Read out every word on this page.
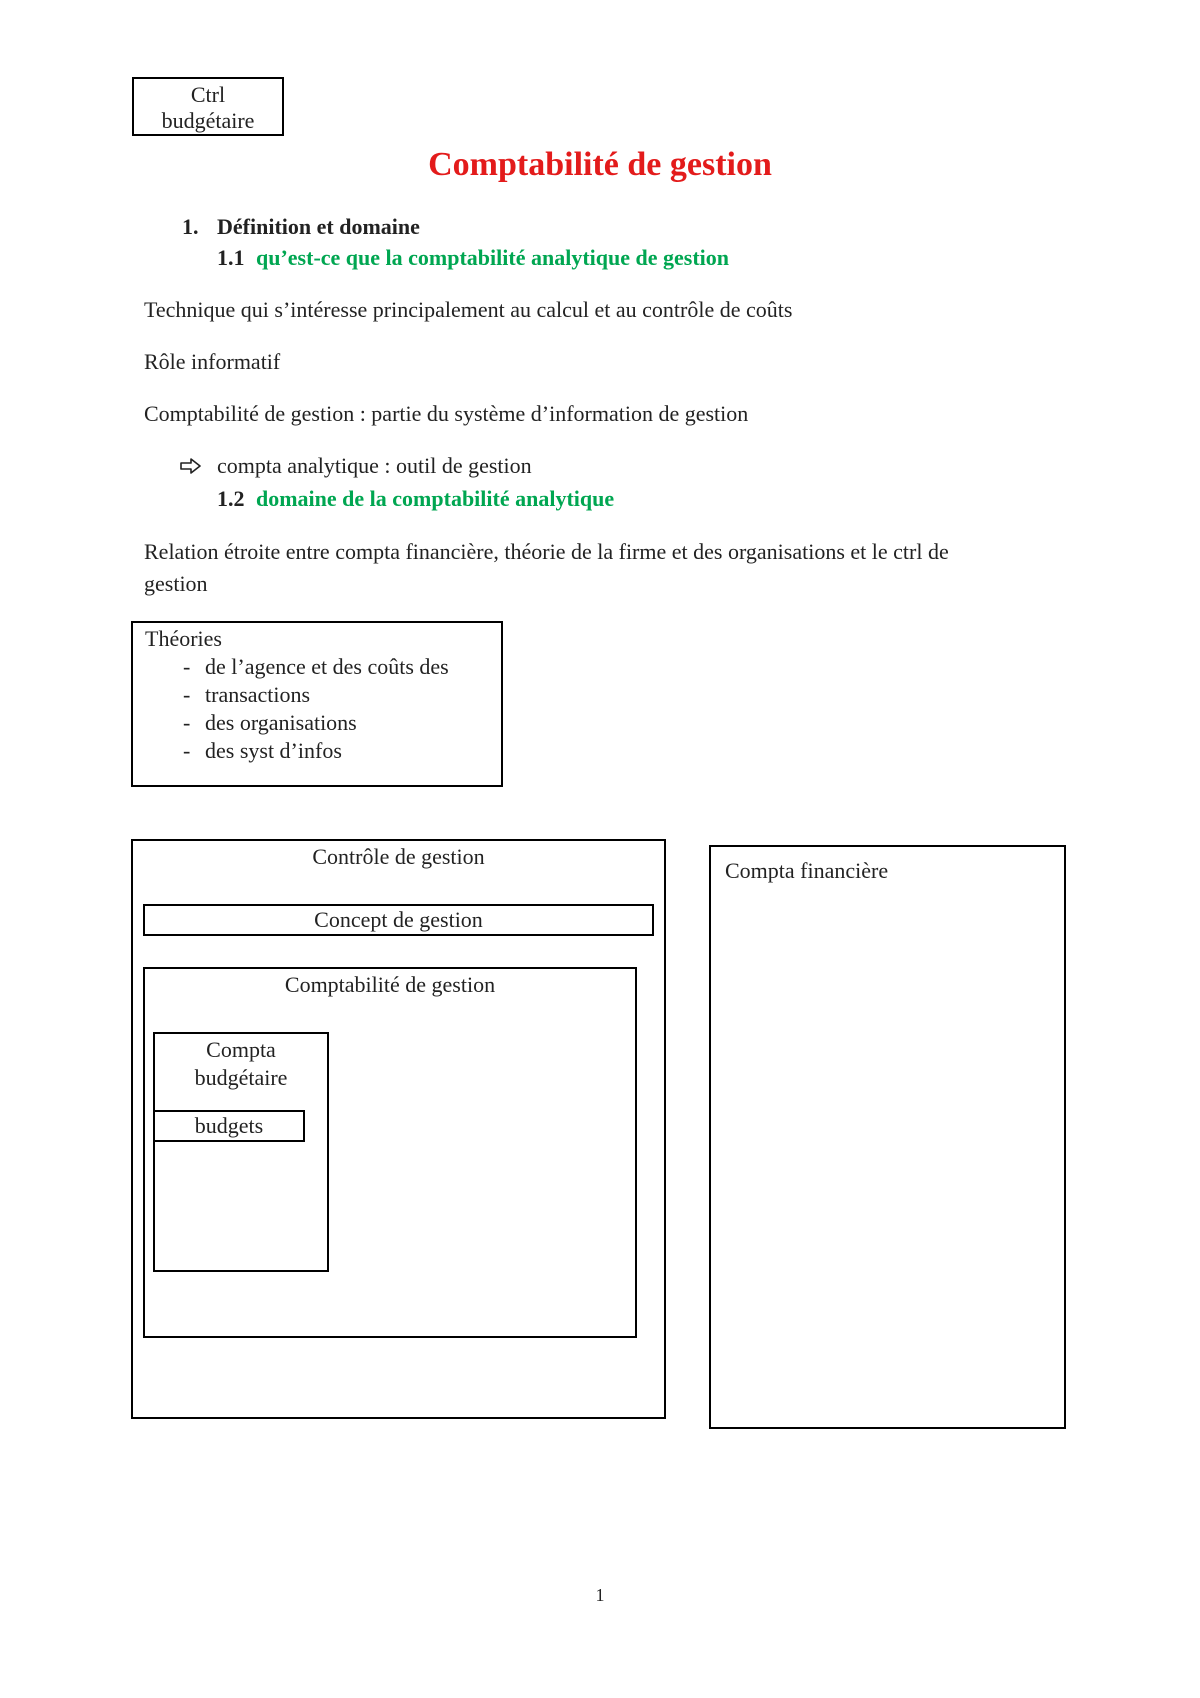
Ctrl
budgétaire
Comptabilité de gestion
1. Définition et domaine
1.1 qu’est-ce que la comptabilité analytique de gestion
Technique qui s’intéresse principalement au calcul et au contrôle de coûts
Rôle informatif
Comptabilité de gestion : partie du système d’information de gestion
compta analytique : outil de gestion
1.2 domaine de la comptabilité analytique
Relation étroite entre compta financière, théorie de la firme et des organisations et le ctrl de
gestion
Théories
- de l’agence et des coûts des
- transactions
- des organisations
- des syst d’infos
Contrôle de gestion
Concept de gestion
Comptabilité de gestion
Compta
budgétaire
budgets
Compta financière
1
